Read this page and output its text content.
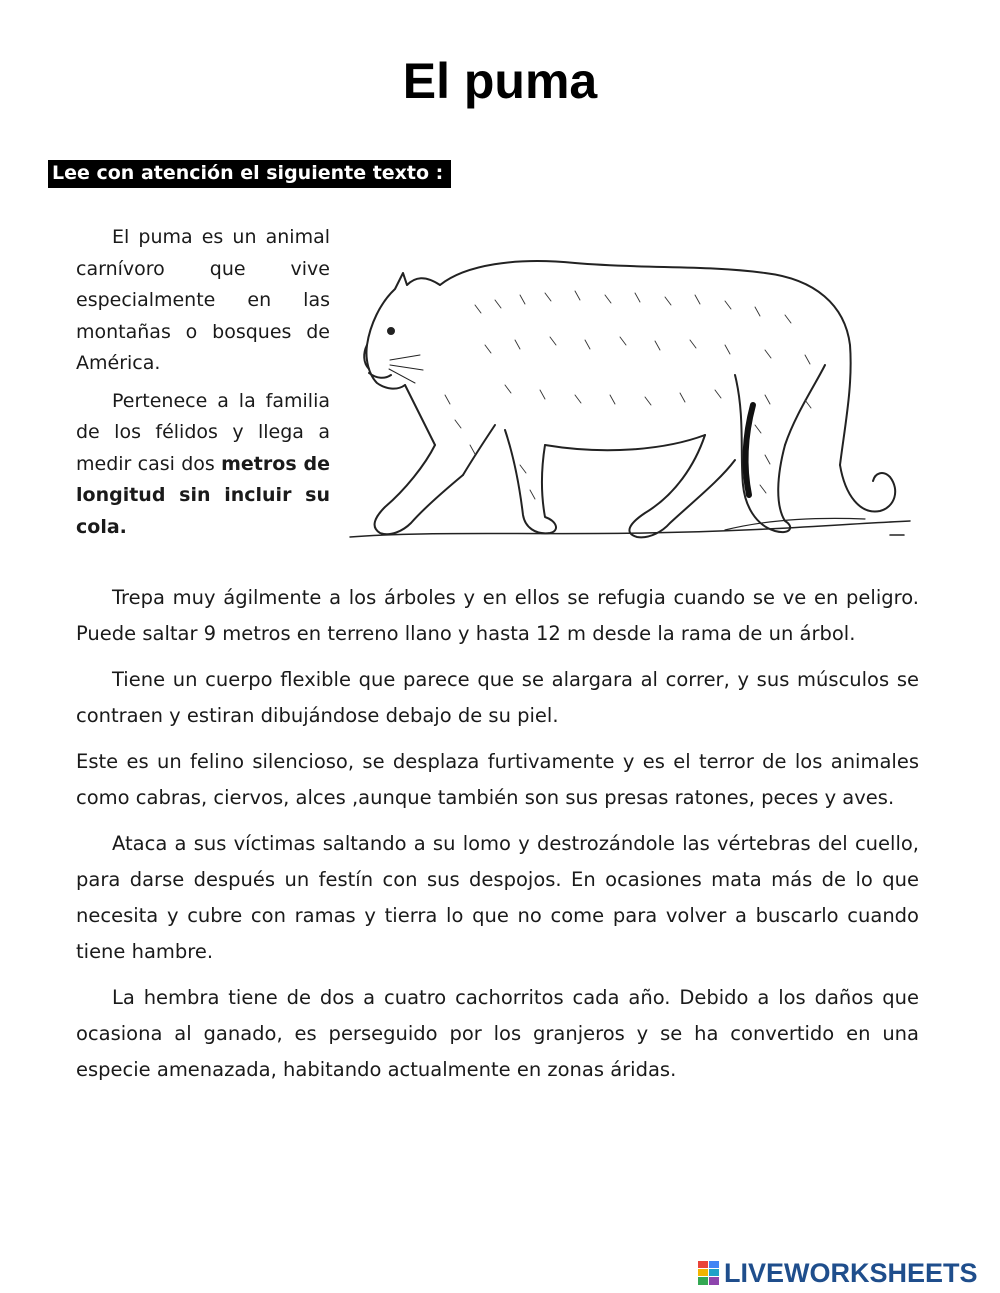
El puma
Lee con atención el siguiente texto :

El puma es un animal carnívoro que vive especialmente en las montañas o bosques de América.

Pertenece a la familia de los félidos y llega a medir casi dos metros de longitud sin incluir su cola.

Trepa muy ágilmente a los árboles y en ellos se refugia cuando se ve en peligro. Puede saltar 9 metros en terreno llano y hasta 12 m desde la rama de un árbol.

Tiene un cuerpo flexible que parece que se alargara al correr, y sus músculos se contraen y estiran dibujándose debajo de su piel.

Este es un felino silencioso, se desplaza furtivamente y es el terror de los animales como cabras, ciervos, alces ,aunque también son sus presas ratones, peces y aves.

Ataca a sus víctimas saltando a su lomo y destrozándole las vértebras del cuello, para darse después un festín con sus despojos. En ocasiones mata más de lo que necesita y cubre con ramas y tierra lo que no come para volver a buscarlo cuando tiene hambre.

La hembra tiene de dos a cuatro cachorritos cada año. Debido a los daños que ocasiona al ganado, es perseguido por los granjeros y se ha convertido en una especie amenazada, habitando actualmente en zonas áridas.

LIVEWORKSHEETS
